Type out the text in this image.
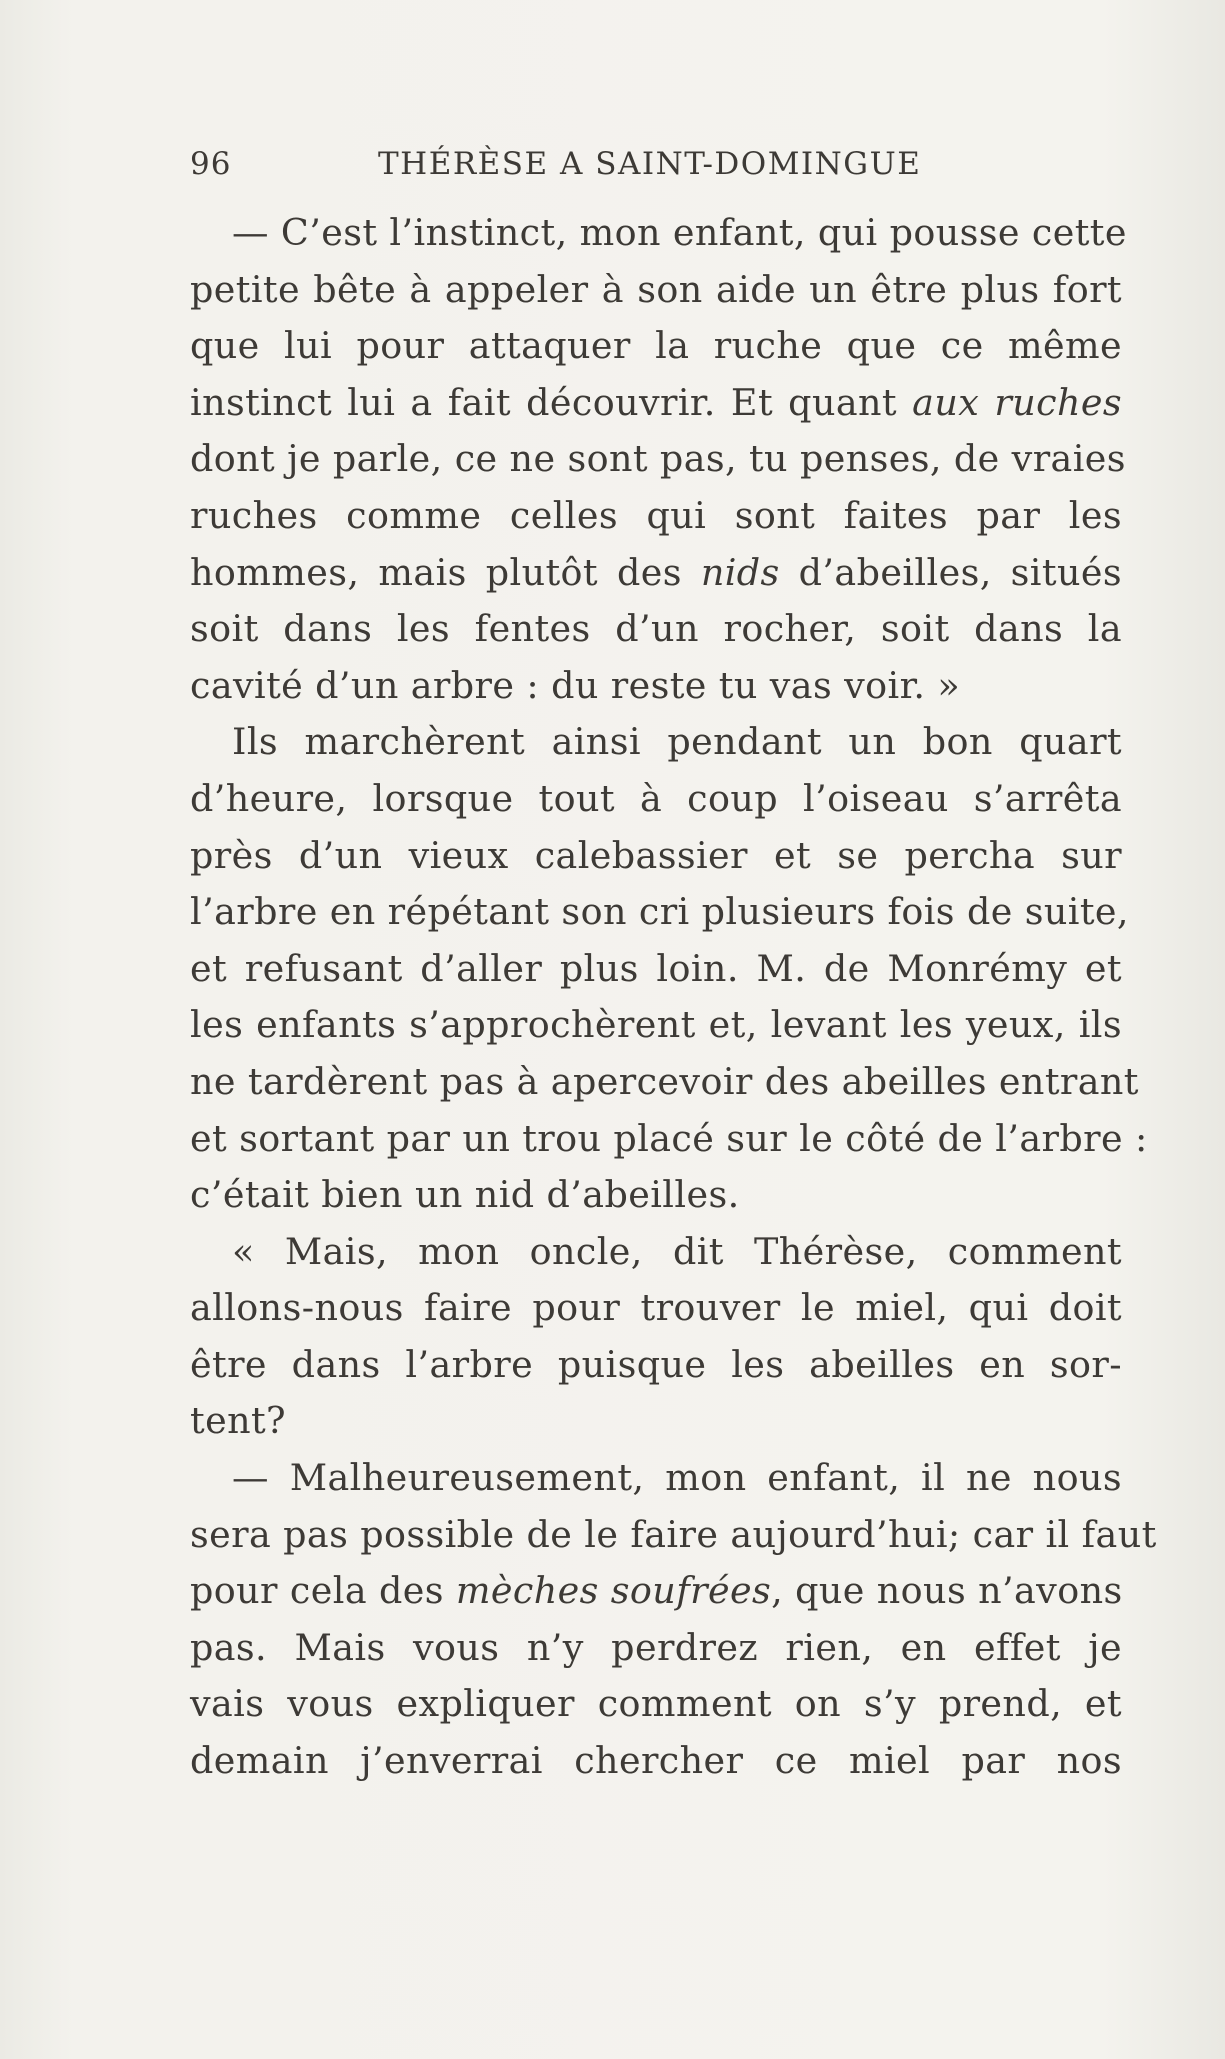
96	THÉRÈSE A SAINT-DOMINGUE
— C’est l’instinct, mon enfant, qui pousse cette
petite bête à appeler à son aide un être plus fort
que lui pour attaquer la ruche que ce même
instinct lui a fait découvrir. Et quant aux ruches
dont je parle, ce ne sont pas, tu penses, de vraies
ruches comme celles qui sont faites par les
hommes, mais plutôt des nids d’abeilles, situés
soit dans les fentes d’un rocher, soit dans la
cavité d’un arbre : du reste tu vas voir. »
Ils marchèrent ainsi pendant un bon quart
d’heure, lorsque tout à coup l’oiseau s’arrêta
près d’un vieux calebassier et se percha sur
l’arbre en répétant son cri plusieurs fois de suite,
et refusant d’aller plus loin. M. de Monrémy et
les enfants s’approchèrent et, levant les yeux, ils
ne tardèrent pas à apercevoir des abeilles entrant
et sortant par un trou placé sur le côté de l’arbre :
c’était bien un nid d’abeilles.
« Mais, mon oncle, dit Thérèse, comment
allons-nous faire pour trouver le miel, qui doit
être dans l’arbre puisque les abeilles en sor-
tent?
— Malheureusement, mon enfant, il ne nous
sera pas possible de le faire aujourd’hui; car il faut
pour cela des mèches soufrées, que nous n’avons
pas. Mais vous n’y perdrez rien, en effet je
vais vous expliquer comment on s’y prend, et
demain j’enverrai chercher ce miel par nos
